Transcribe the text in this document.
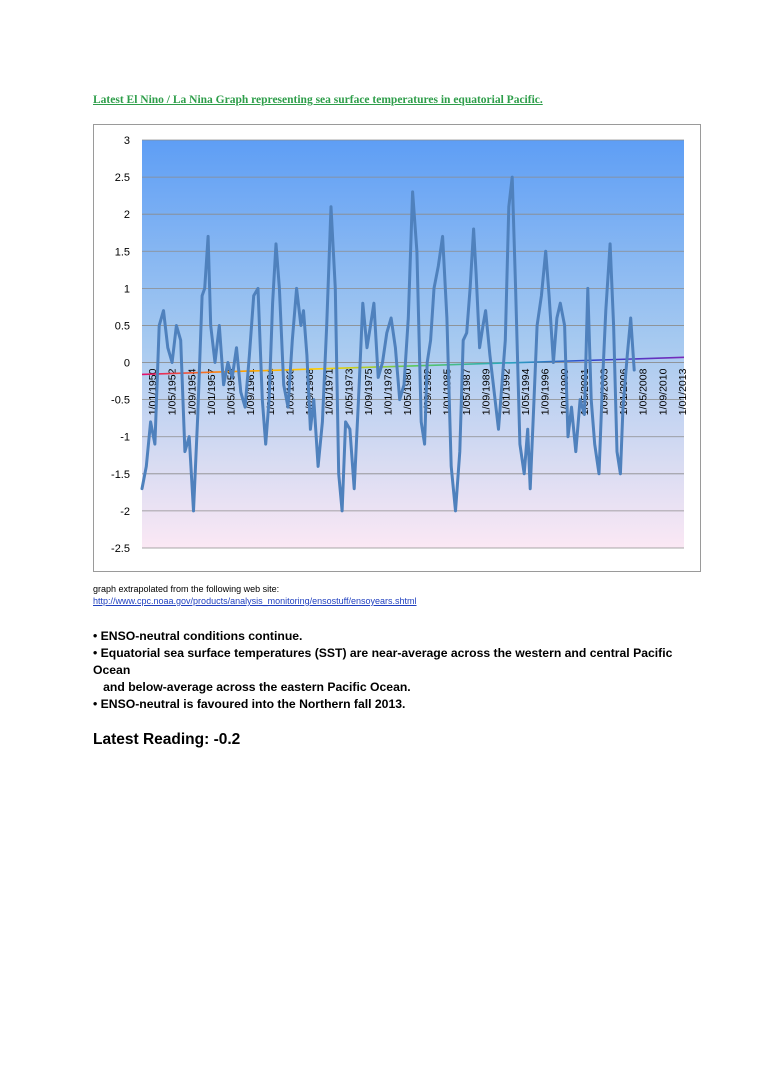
Latest El Nino / La Nina Graph representing sea surface temperatures in equatorial Pacific.
3
2.5
2
1.5
1
0.5
0
-0.5
-1
-1.5
-2
-2.5
1/01/1950 1/05/1952 1/09/1954 1/01/1957 1/05/1959 1/09/1961 1/01/1964 1/05/1966 1/09/1968 1/01/1971 1/05/1973 1/09/1975 1/01/1978 1/05/1980 1/09/1982 1/01/1985 1/05/1987 1/09/1989 1/01/1992 1/05/1994 1/09/1996 1/01/1999 1/05/2001 1/09/2003 1/01/2006 1/05/2008 1/09/2010 1/01/2013
graph extrapolated from the following web site:
http://www.cpc.noaa.gov/products/analysis_monitoring/ensostuff/ensoyears.shtml

• ENSO-neutral conditions continue.

• Equatorial sea surface temperatures (SST) are near-average across the western and central Pacific Ocean

and below-average across the eastern Pacific Ocean.

• ENSO-neutral is favoured into the Northern fall 2013.

Latest Reading: -0.2
